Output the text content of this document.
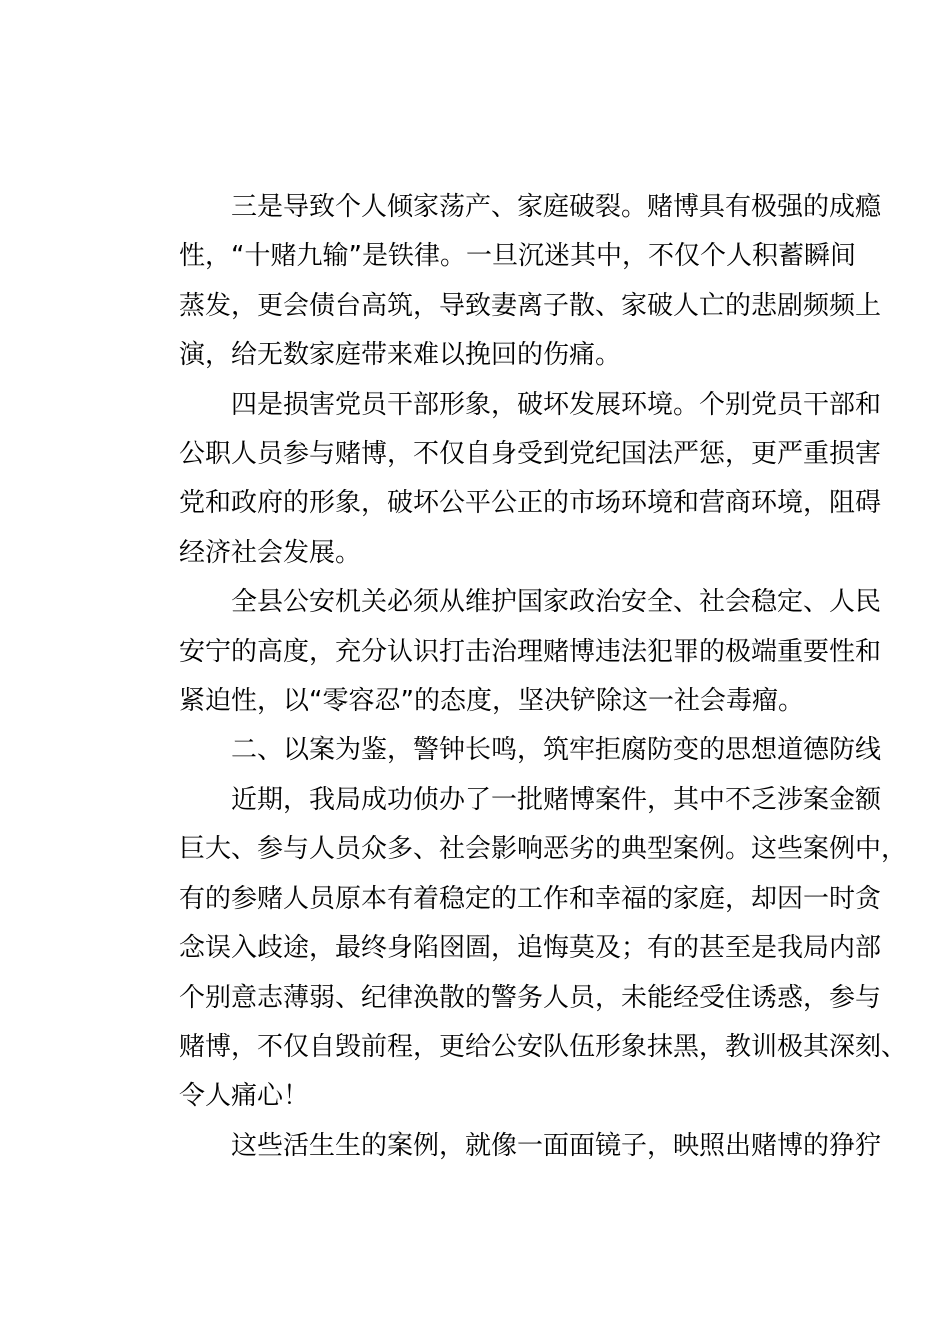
三是导致个人倾家荡产、家庭破裂。赌博具有极强的成瘾
性，“十赌九输”是铁律。一旦沉迷其中，不仅个人积蓄瞬间
蒸发，更会债台高筑，导致妻离子散、家破人亡的悲剧频频上
演，给无数家庭带来难以挽回的伤痛。
四是损害党员干部形象，破坏发展环境。个别党员干部和
公职人员参与赌博，不仅自身受到党纪国法严惩，更严重损害
党和政府的形象，破坏公平公正的市场环境和营商环境，阻碍
经济社会发展。
全县公安机关必须从维护国家政治安全、社会稳定、人民
安宁的高度，充分认识打击治理赌博违法犯罪的极端重要性和
紧迫性，以“零容忍”的态度，坚决铲除这一社会毒瘤。
二、以案为鉴，警钟长鸣，筑牢拒腐防变的思想道德防线
近期，我局成功侦办了一批赌博案件，其中不乏涉案金额
巨大、参与人员众多、社会影响恶劣的典型案例。这些案例中，
有的参赌人员原本有着稳定的工作和幸福的家庭，却因一时贪
念误入歧途，最终身陷囹圄，追悔莫及；有的甚至是我局内部
个别意志薄弱、纪律涣散的警务人员，未能经受住诱惑，参与
赌博，不仅自毁前程，更给公安队伍形象抹黑，教训极其深刻、
令人痛心！
这些活生生的案例，就像一面面镜子，映照出赌博的狰狞
